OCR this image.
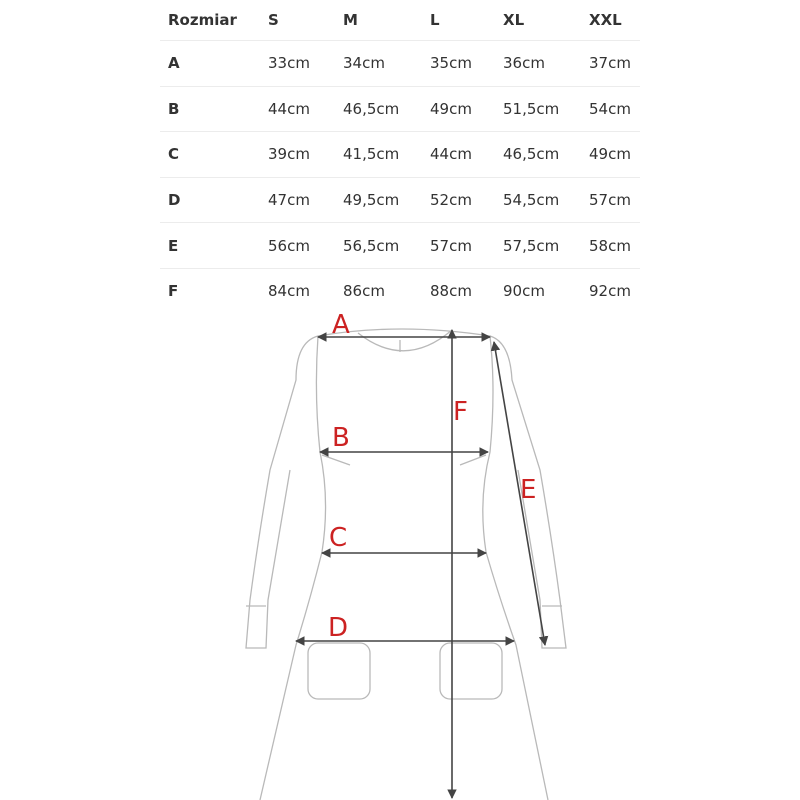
Rozmiar	S	M	L	XL	XXL
A	33cm	34cm	35cm	36cm	37cm
B	44cm	46,5cm	49cm	51,5cm	54cm
C	39cm	41,5cm	44cm	46,5cm	49cm
D	47cm	49,5cm	52cm	54,5cm	57cm
E	56cm	56,5cm	57cm	57,5cm	58cm
F	84cm	86cm	88cm	90cm	92cm
A
B
C
D
E
F
